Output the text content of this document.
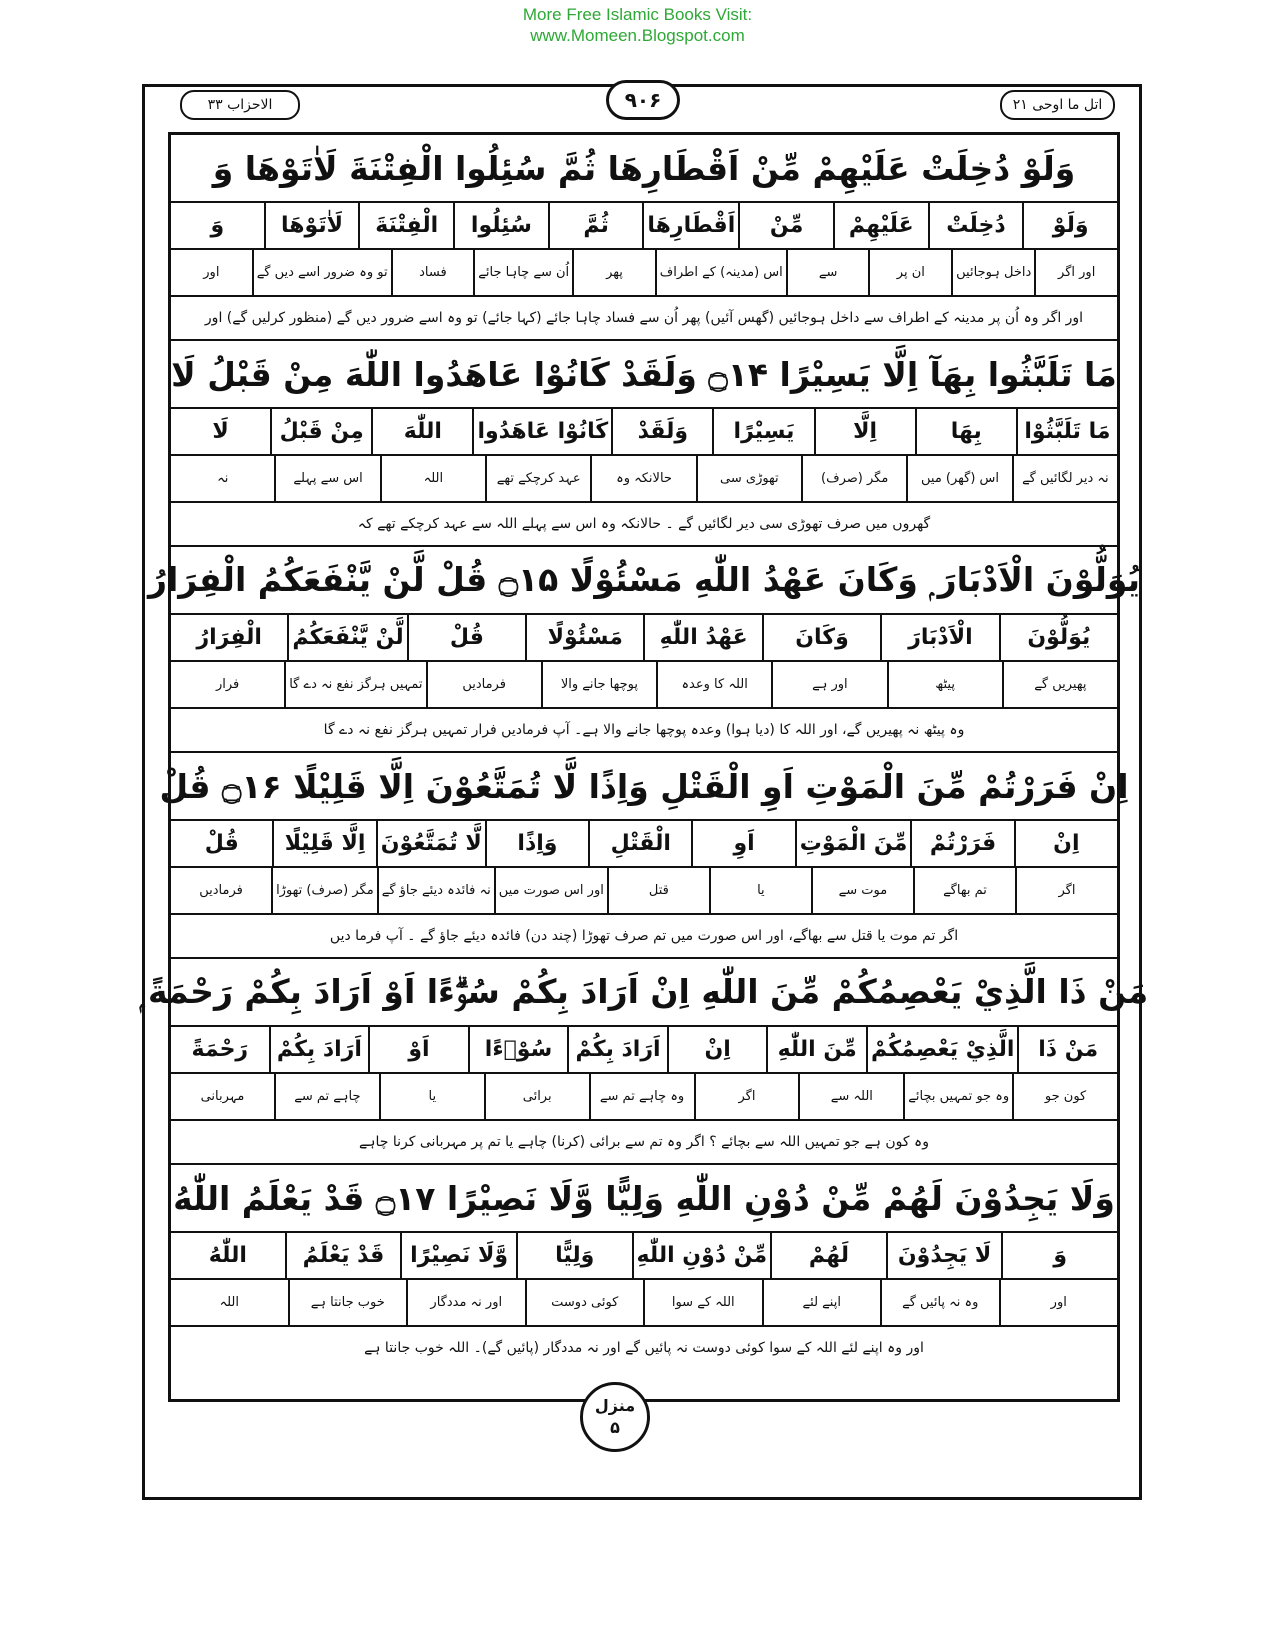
More Free Islamic Books Visit:
www.Momeen.Blogspot.com
الاحزاب ۳۳	۹۰۶	اتل ما اوحی ۲۱
وَلَوْ دُخِلَتْ عَلَيْهِمْ مِّنْ اَقْطَارِهَا ثُمَّ سُئِلُوا الْفِتْنَةَ لَاٰتَوْهَا وَ
وَلَوْ
دُخِلَتْ
عَلَيْهِمْ
مِّنْ
اَقْطَارِهَا
ثُمَّ
سُئِلُوا
الْفِتْنَةَ
لَاٰتَوْهَا
وَ
اور اگر
داخل ہوجائیں
ان پر
سے
اس (مدینہ) کے اطراف
پھر
اُن سے چاہا جائے
فساد
تو وہ ضرور اسے دیں گے
اور
اور اگر وہ اُن پر مدینہ کے اطراف سے داخل ہوجائیں (گھس آئیں) پھر اُن سے فساد چاہا جائے (کہا جائے) تو وہ اسے ضرور دیں گے (منظور کرلیں گے) اور
مَا تَلَبَّثُوا بِهَآ اِلَّا يَسِيْرًا ۝۱۴ وَلَقَدْ كَانُوْا عَاهَدُوا اللّٰهَ مِنْ قَبْلُ لَا
مَا تَلَبَّثُوْا
بِهَا
اِلَّا
يَسِيْرًا
وَلَقَدْ
كَانُوْا عَاهَدُوا
اللّٰهَ
مِنْ قَبْلُ
لَا
نہ دیر لگائیں گے
اس (گھر) میں
مگر (صرف)
تھوڑی سی
حالانکہ وہ
عہد کرچکے تھے
اللہ
اس سے پہلے
نہ
گھروں میں صرف تھوڑی سی دیر لگائیں گے ۔ حالانکہ وہ اس سے پہلے اللہ سے عہد کرچکے تھے کہ
يُوَلُّوْنَ الْاَدْبَارَ ۭ وَكَانَ عَهْدُ اللّٰهِ مَسْئُوْلًا ۝۱۵ قُلْ لَّنْ يَّنْفَعَكُمُ الْفِرَارُ
يُوَلُّوْنَ
الْاَدْبَارَ
وَكَانَ
عَهْدُ اللّٰهِ
مَسْئُوْلًا
قُلْ
لَّنْ يَّنْفَعَكُمُ
الْفِرَارُ
پھیریں گے
پیٹھ
اور ہے
اللہ کا وعدہ
پوچھا جانے والا
فرمادیں
تمہیں ہرگز نفع نہ دے گا
فرار
وہ پیٹھ نہ پھیریں گے، اور اللہ کا (دیا ہوا) وعدہ پوچھا جانے والا ہے۔ آپ فرمادیں فرار تمہیں ہرگز نفع نہ دے گا
اِنْ فَرَرْتُمْ مِّنَ الْمَوْتِ اَوِ الْقَتْلِ وَاِذًا لَّا تُمَتَّعُوْنَ اِلَّا قَلِيْلًا ۝۱۶ قُلْ
اِنْ
فَرَرْتُمْ
مِّنَ الْمَوْتِ
اَوِ
الْقَتْلِ
وَاِذًا
لَّا تُمَتَّعُوْنَ
اِلَّا قَلِيْلًا
قُلْ
اگر
تم بھاگے
موت سے
یا
قتل
اور اس صورت میں
نہ فائدہ دیئے جاؤ گے
مگر (صرف) تھوڑا
فرمادیں
اگر تم موت یا قتل سے بھاگے، اور اس صورت میں تم صرف تھوڑا (چند دن) فائدہ دیئے جاؤ گے ۔ آپ فرما دیں
مَنْ ذَا الَّذِيْ يَعْصِمُكُمْ مِّنَ اللّٰهِ اِنْ اَرَادَ بِكُمْ سُوْۗءًا اَوْ اَرَادَ بِكُمْ رَحْمَةً ۭ
مَنْ ذَا
الَّذِيْ يَعْصِمُكُمْ
مِّنَ اللّٰهِ
اِنْ
اَرَادَ بِكُمْ
سُوْۗءًا
اَوْ
اَرَادَ بِكُمْ
رَحْمَةً
کون جو
وہ جو تمہیں بچائے
اللہ سے
اگر
وہ چاہے تم سے
برائی
یا
چاہے تم سے
مہربانی
وہ کون ہے جو تمہیں اللہ سے بچائے ؟ اگر وہ تم سے برائی (کرنا) چاہے یا تم پر مہربانی کرنا چاہے
وَلَا يَجِدُوْنَ لَهُمْ مِّنْ دُوْنِ اللّٰهِ وَلِيًّا وَّلَا نَصِيْرًا ۝۱۷ قَدْ يَعْلَمُ اللّٰهُ
وَ
لَا يَجِدُوْنَ
لَهُمْ
مِّنْ دُوْنِ اللّٰهِ
وَلِيًّا
وَّلَا نَصِيْرًا
قَدْ يَعْلَمُ
اللّٰهُ
اور
وہ نہ پائیں گے
اپنے لئے
اللہ کے سوا
کوئی دوست
اور نہ مددگار
خوب جانتا ہے
اللہ
اور وہ اپنے لئے اللہ کے سوا کوئی دوست نہ پائیں گے اور نہ مددگار (پائیں گے)۔ اللہ خوب جانتا ہے
منزل
۵
